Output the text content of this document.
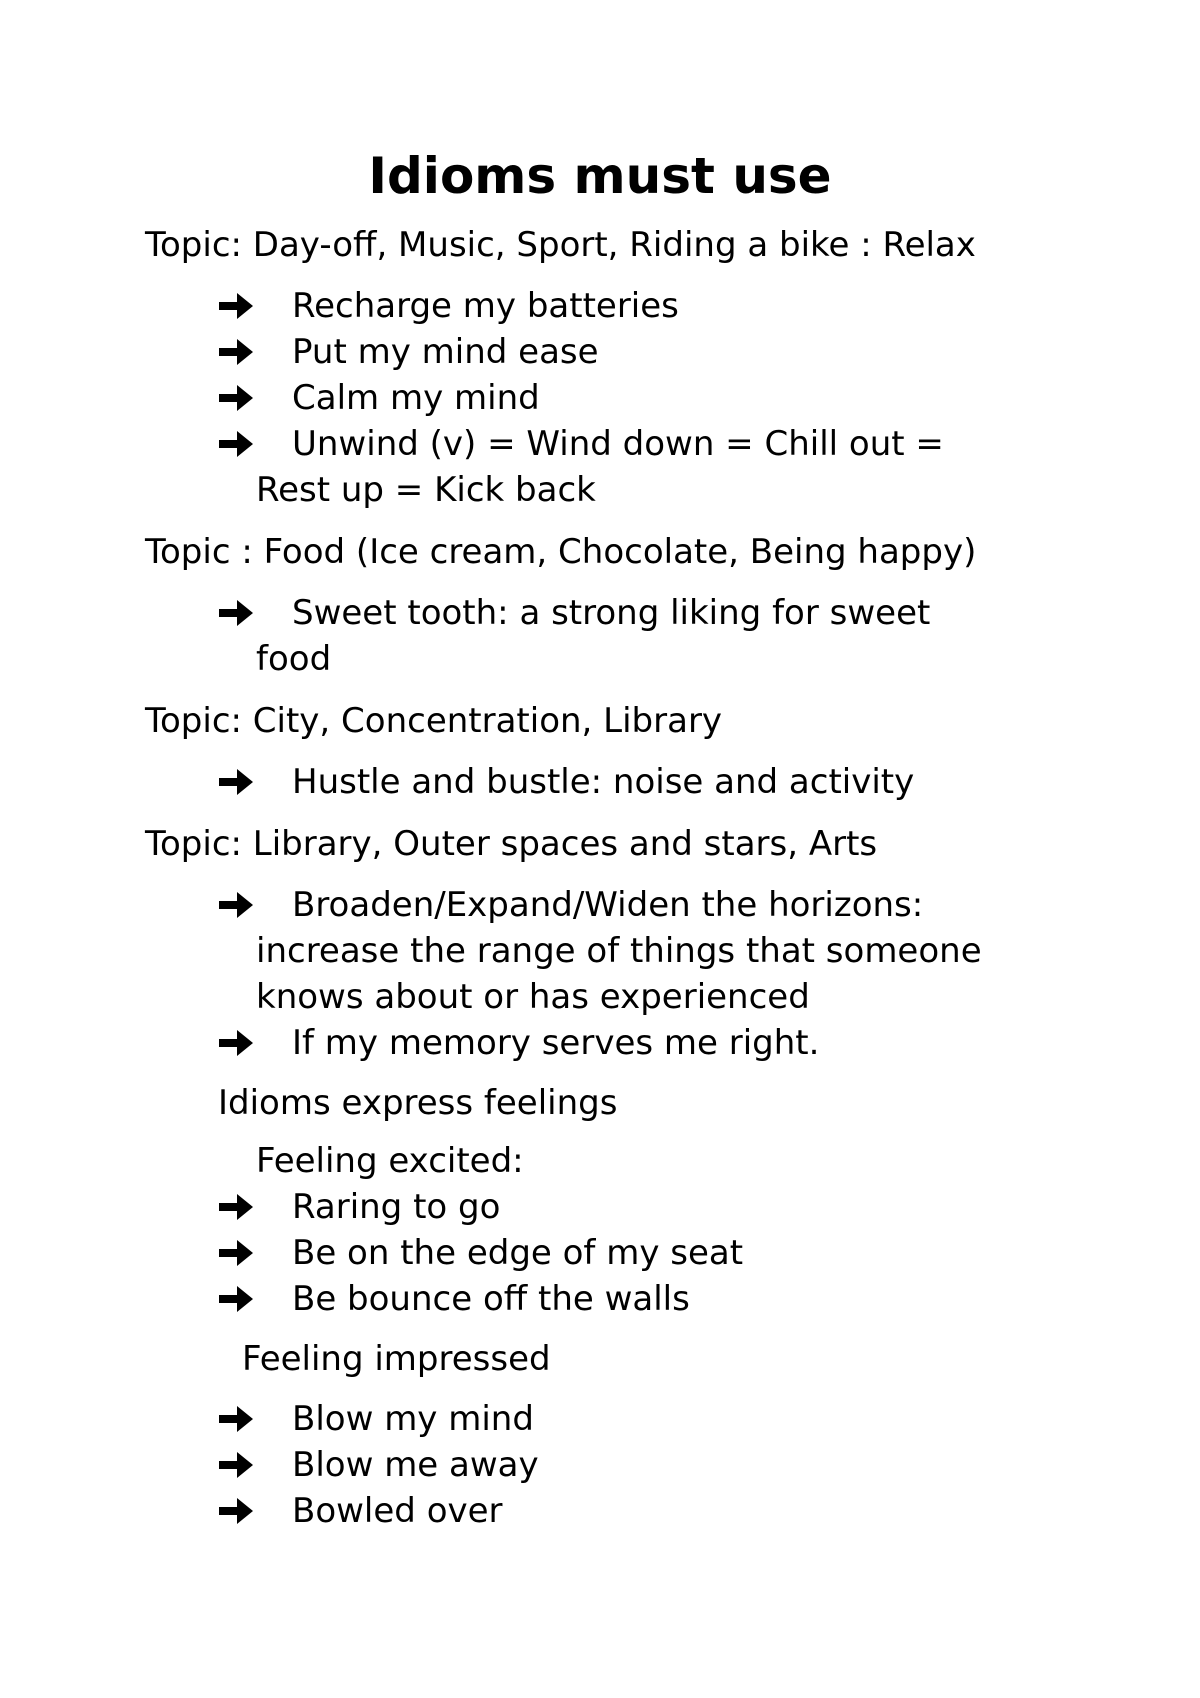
Idioms must use
Topic: Day-off, Music, Sport, Riding a bike : Relax
Recharge my batteries
Put my mind ease
Calm my mind
Unwind (v) = Wind down = Chill out =
Rest up = Kick back
Topic : Food (Ice cream, Chocolate, Being happy)
Sweet tooth: a strong liking for sweet
food
Topic: City, Concentration, Library
Hustle and bustle: noise and activity
Topic: Library, Outer spaces and stars, Arts
Broaden/Expand/Widen the horizons:
increase the range of things that someone
knows about or has experienced
If my memory serves me right.
Idioms express feelings
Feeling excited:
Raring to go
Be on the edge of my seat
Be bounce off the walls
Feeling impressed
Blow my mind
Blow me away
Bowled over
